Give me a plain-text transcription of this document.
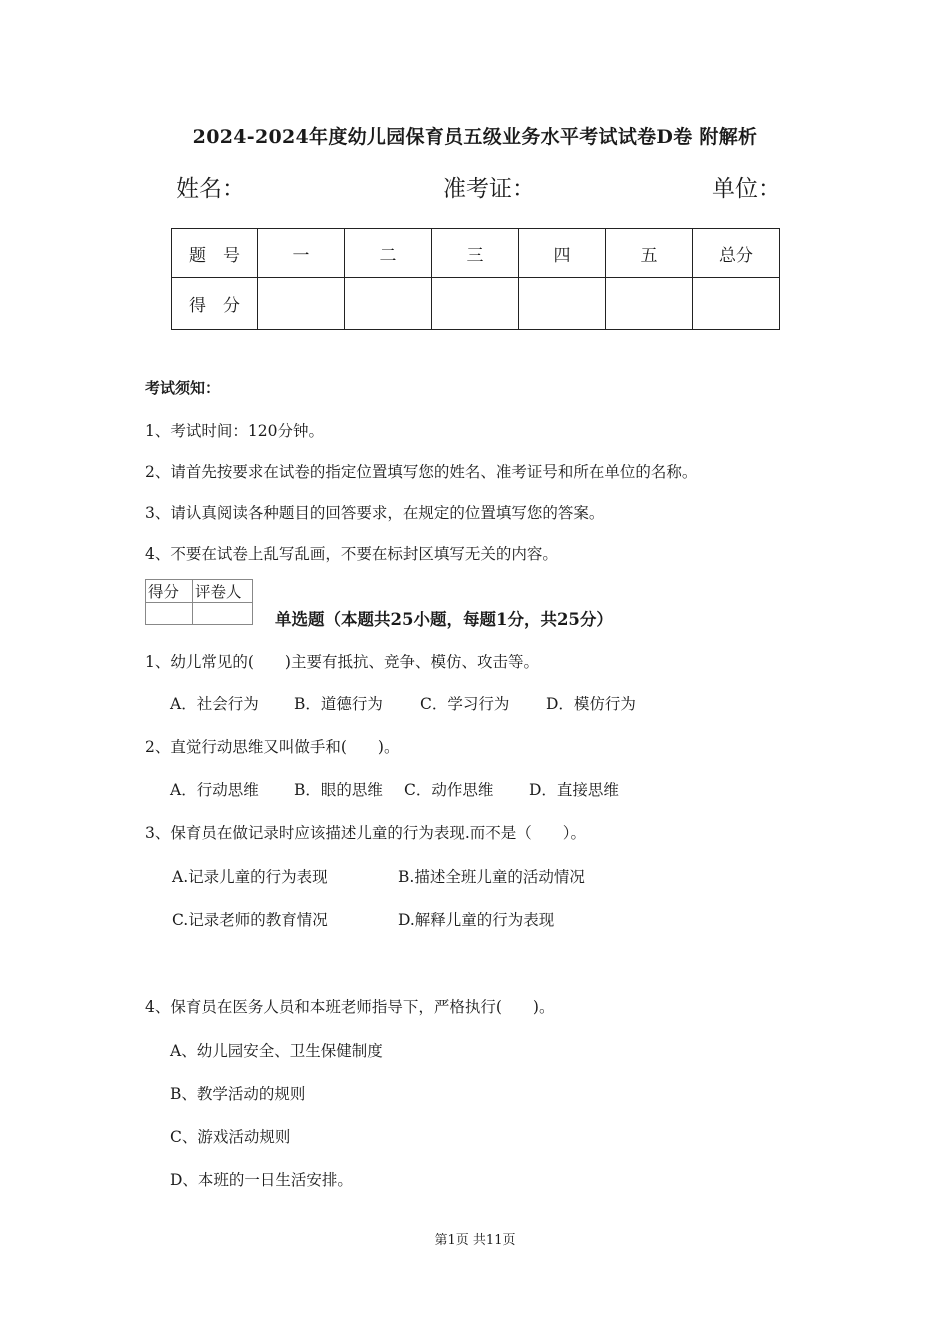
2024-2024年度幼儿园保育员五级业务水平考试试卷D卷 附解析
姓名：	准考证：	单位：
题　号	一	二	三	四	五	总分
得　分						
考试须知：
1、考试时间：120分钟。
2、请首先按要求在试卷的指定位置填写您的姓名、准考证号和所在单位的名称。
3、请认真阅读各种题目的回答要求，在规定的位置填写您的答案。
4、不要在试卷上乱写乱画，不要在标封区填写无关的内容。
得分	评卷人

单选题（本题共25小题，每题1分，共25分）
1、幼儿常见的(　　)主要有抵抗、竞争、模仿、攻击等。
A．社会行为 B．道德行为 C．学习行为 D．模仿行为
2、直觉行动思维又叫做手和(　　)。
A．行动思维 B．眼的思维 C．动作思维 D．直接思维
3、保育员在做记录时应该描述儿童的行为表现.而不是（　　）。
A.记录儿童的行为表现	B.描述全班儿童的活动情况
C.记录老师的教育情况	D.解释儿童的行为表现
4、保育员在医务人员和本班老师指导下，严格执行(　　)。
A、幼儿园安全、卫生保健制度
B、教学活动的规则
C、游戏活动规则
D、本班的一日生活安排。
第1页 共11页
